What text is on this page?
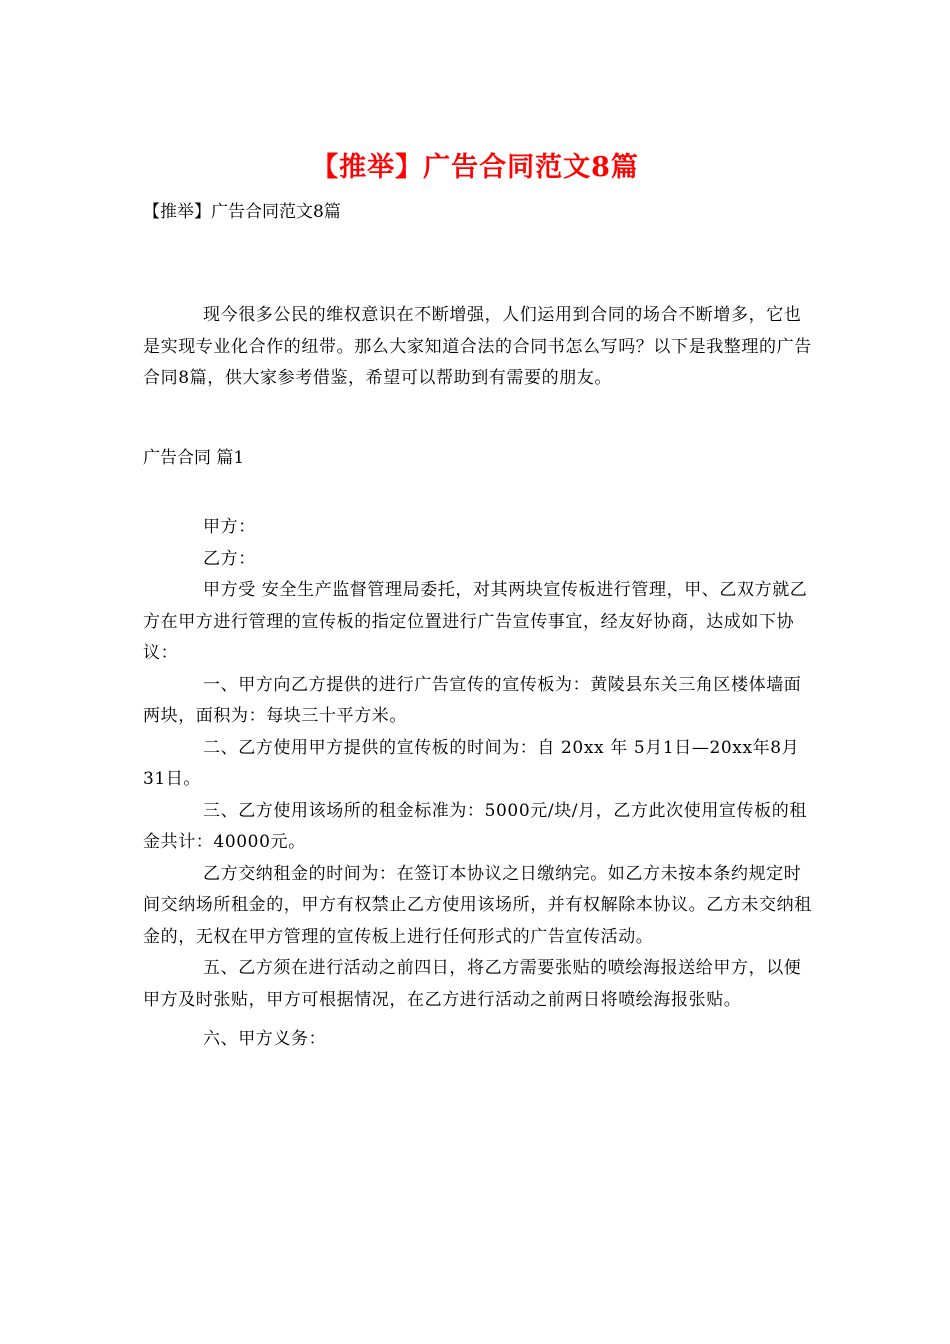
【推举】广告合同范文8篇
【推举】广告合同范文8篇

现今很多公民的维权意识在不断增强，人们运用到合同的场合不断增多，它也是实现专业化合作的纽带。那么大家知道合法的合同书怎么写吗？以下是我整理的广告合同8篇，供大家参考借鉴，希望可以帮助到有需要的朋友。

广告合同 篇1

甲方：

乙方：

甲方受 安全生产监督管理局委托，对其两块宣传板进行管理，甲、乙双方就乙方在甲方进行管理的宣传板的指定位置进行广告宣传事宜，经友好协商，达成如下协议：

一、甲方向乙方提供的进行广告宣传的宣传板为：黄陵县东关三角区楼体墙面两块，面积为：每块三十平方米。

二、乙方使用甲方提供的宣传板的时间为：自 20xx 年 5月1日—20xx年8月31日。

三、乙方使用该场所的租金标准为：5000元/块/月，乙方此次使用宣传板的租金共计：40000元。

乙方交纳租金的时间为：在签订本协议之日缴纳完。如乙方未按本条约规定时间交纳场所租金的，甲方有权禁止乙方使用该场所，并有权解除本协议。乙方未交纳租金的，无权在甲方管理的宣传板上进行任何形式的广告宣传活动。

五、乙方须在进行活动之前四日，将乙方需要张贴的喷绘海报送给甲方，以便甲方及时张贴，甲方可根据情况，在乙方进行活动之前两日将喷绘海报张贴。

六、甲方义务：
